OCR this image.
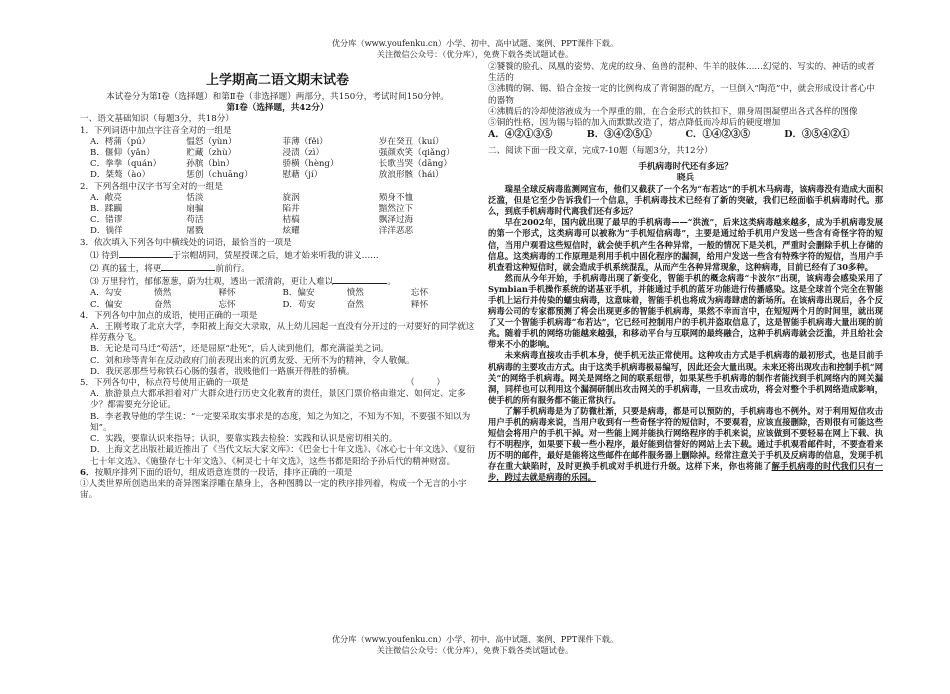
优分库（www.youfenku.cn）小学、初中、高中试题、案例、PPT课件下载。
关注微信公众号：（优分库），免费下载各类试题试卷。
上学期高二语文期末试卷

本试卷分为第Ⅰ卷（选择题）和第Ⅱ卷（非选择题）两部分，共150分，考试时间150分钟。

第Ⅰ卷（选择题，共42分）

一、语文基础知识（每题3分，共18分）

1．下列词语中加点字注音全对的一组是

A．樗蒲（pú）	愠怒（yùn）	菲薄（fěi）	岁在癸丑（kuí）
B．偃仰（yǎn）	贮藏（zhù）	浸渍（zì）	强颜欢笑（qiǎng）
C．拳拳（quán）	孙膑（bìn）	骄横（hèng）	长歌当哭（dāng）
D．桀骜（ào）	惩创（chuāng）	慰藉（jí）	放浪形骸（hái）

2．下列各组中汉字书写全对的一组是

A．敞亮	恬淡	旋涡	殒身不恤
B．蹂躏	扇骗	陷井	黯然泣下
C．错谬	苟活	桔槁	飘泽过海
D．徜徉	屠戮	炫耀	洋洋恶恶

3．依次填入下列各句中横线处的词语，最恰当的一项是

⑴ 待到	于宗帽胡同，赁屋授课之后，她才始来听我的讲义……

⑵ 真的猛士，将更	前前行。

⑶ 万里狩竹，郁郁葱葱，蔚为壮观，透出一派清韵，更让人难以	。

A．勾安	愤然	释怀	B．偏安	愤然	忘怀
C．偏安	奋然	忘怀	D．苟安	奋然	释怀

4．下列各句中加点的成语，使用正确的一项是

A．王刚考取了北京大学，李阳被上海交大录取，从上幼儿园起一直没有分开过的一对要好的同学就这样劳燕分飞。

B．无论是司马迁“苟活”，还是屈原“赴死”，后人读到他们，都充满溢美之词。

C．刘和珍等青年在反动政府门前表现出来的沉勇友爱、无所不为的精神，令人敬佩。

D．我厌恶那些号称铁石心肠的强者，戕贱他们一路旗开得胜的骄横。

5．下列各句中，标点符号使用正确的一项是	（        ）

A．旅游景点大都承担着对广大群众进行历史文化教育的责任，景区门票价格由谁定、如何定、定多少？都需要充分论证。

B．李老教导他的学生说：“一定要采取实事求是的态度，知之为知之，不知为不知，不要强不知以为知”。

C．实践，要靠认识来指导；认识，要靠实践去检验：实践和认识是密切相关的。

D．上海文艺出版社最近推出了《当代文坛大家文库》：《巴金七十年文选》、《冰心七十年文选》、《夏衍七十年文选》、《施蛰存七十年文选》、《柯灵七十年文选》，这些书都是阳给予孙后代的精神财富。

6．按顺序排列下面的语句，组成语意连贯的一段话，排序正确的一项是

①人类世界所创造出来的奇异图案浮雕在鼎身上，各种图腾以一定的秩序排列着，构成一个无言的小宇宙。

②饕餮的脸孔、凤凰的姿势、龙虎的纹身、鱼兽的混种、牛羊的肢体……幻觉的、写实的、神话的或者生活的

③沸腾的铜、锡、铅合金按一定的比例构成了青铜器的配方，一旦倒入“陶范”中，就会形成设计者心中的器物

④沸腾后的冷却使溶液成为一个厚重的鼎，在合金形式的铁扣下，鼎身周围凝塑出各式各样的图像

⑤铜的性格，因为锡与铅的加入而默默改造了，熔点降低而冷却后的硬度增加

A．④②①③⑤	B．③④②⑤①	C．①④②③⑤	D．③⑤④②①

二、阅读下面一段文章，完成7-10题（每题3分，共12分）

手机病毒时代还有多远？
晓兵

瑞星全球反病毒监测网宣布，他们又截获了一个名为“布若达”的手机木马病毒，该病毒没有造成大面积泛滥，但是它至少告诉我们一个信息，手机病毒技术已经有了新的突破，我们已经面临手机病毒时代。那么，到底手机病毒时代离我们还有多远？

早在2002年，国内就出现了最早的手机病毒——“洪流”，后来这类病毒越来越多，成为手机病毒发展的第一个形式，这类病毒可以被称为“手机短信病毒”，主要是通过给手机用户发送一些含有奇怪字符的短信，当用户观看这些短信时，就会使手机产生各种异常，一般的情况下是关机，严重时会删除手机上存储的信息。这类病毒的工作原理是利用手机中固化程序的漏洞，给用户发送一些含有特殊字符的短信，当用户手机查看这种短信时，就会造成手机系统混乱，从而产生各种异常现象，这种病毒，目前已经有了30多种。

然而从今年开始，手机病毒出现了新变化，智能手机的概念病毒“卡波尔”出现，该病毒会感染采用了Symbian手机操作系统的诺基亚手机，并能通过手机的蓝牙功能进行传播感染。这是全球首个完全在智能手机上运行并传染的蠕虫病毒，这意味着，智能手机也将成为病毒肆虐的新场所。在该病毒出现后，各个反病毒公司的专家都预测了将会出现更多的智能手机病毒，果然不幸而言中，在短短两个月的时间里，就出现了又一个智能手机病毒“布若达”，它已经可控制用户的手机并盗取信息了，这是智能手机病毒大量出现的前兆。随着手机的网络功能越来越强，和移动平台与互联网的最终融合，这种手机病毒就会泛滥，并且给社会带来不小的影响。

未来病毒直接攻击手机本身，使手机无法正常使用。这种攻击方式是手机病毒的最初形式，也是目前手机病毒的主要攻击方式。由于这类手机病毒极易编写，因此还会大量出现。未来还将出现攻击和控制手机“网关”的网络手机病毒。网关是网络之间的联系纽带，如果某些手机病毒的制作者能找到手机网络内的网关漏洞，同样也可以利用这个漏洞研制出攻击网关的手机病毒，一旦攻击成功，将会对整个手机网络造成影响，使手机的所有服务都不能正常执行。

了解手机病毒是为了防微杜渐，只要是病毒，都是可以预防的，手机病毒也不例外。对于利用短信攻击用户手机的病毒来说，当用户收到有一些奇怪字符的短信时，不要观看，应该直接删除，否则很有可能这些短信会将用户的手机干掉。对一些能上网并能执行网络程序的手机来说，应该做到不要轻易在网上下载、执行不明程序，如果要下载一些小程序，最好能到信誉好的网站上去下载。通过手机观看邮件时，不要查看来历不明的邮件，最好是能将这些邮件在邮件服务器上删除掉。经常注意关于手机及反病毒的信息，发现手机存在重大缺陷时，及时更换手机或对手机进行升级。这样下来，你也将能了解手机病毒的时代我们只有一步，跨过去就是病毒的乐园。

优分库（www.youfenku.cn）小学、初中、高中试题、案例、PPT课件下载。
关注微信公众号：（优分库），免费下载各类试题试卷。
